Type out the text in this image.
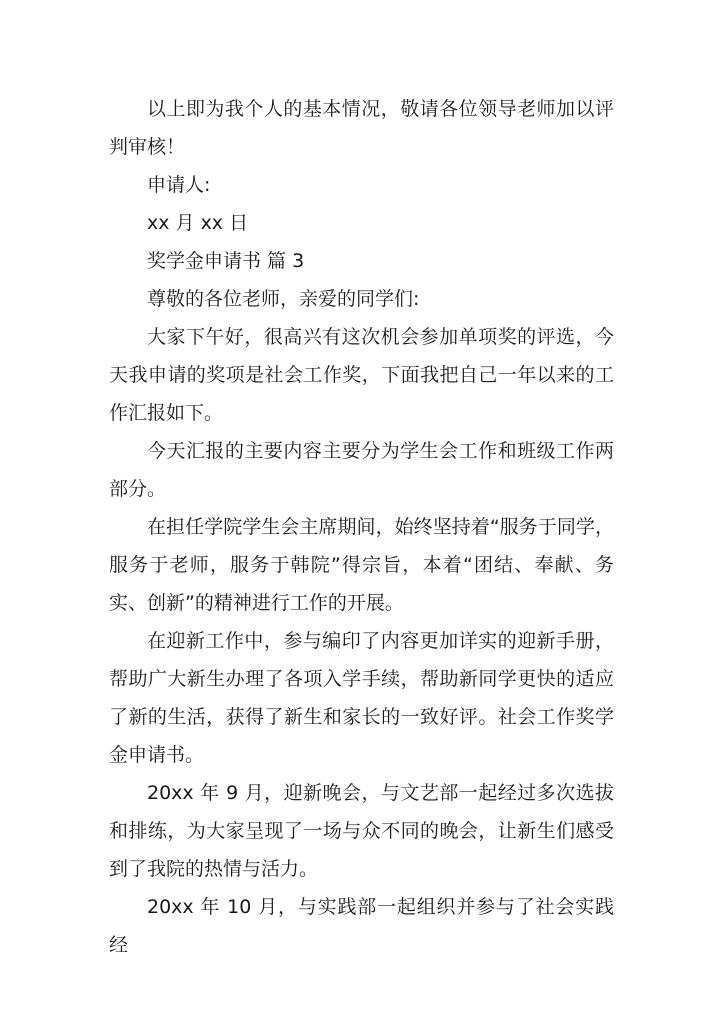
以上即为我个人的基本情况，敬请各位领导老师加以评判审核！

申请人:

xx 月 xx 日

奖学金申请书 篇 3

尊敬的各位老师，亲爱的同学们:

大家下午好，很高兴有这次机会参加单项奖的评选，今天我申请的奖项是社会工作奖，下面我把自己一年以来的工作汇报如下。

今天汇报的主要内容主要分为学生会工作和班级工作两部分。

在担任学院学生会主席期间，始终坚持着“服务于同学，服务于老师，服务于韩院”得宗旨，本着“团结、奉献、务实、创新”的精神进行工作的开展。

在迎新工作中，参与编印了内容更加详实的迎新手册，帮助广大新生办理了各项入学手续，帮助新同学更快的适应了新的生活，获得了新生和家长的一致好评。社会工作奖学金申请书。

20xx 年 9 月，迎新晚会，与文艺部一起经过多次选拔和排练，为大家呈现了一场与众不同的晚会，让新生们感受到了我院的热情与活力。

20xx 年 10 月，与实践部一起组织并参与了社会实践经
